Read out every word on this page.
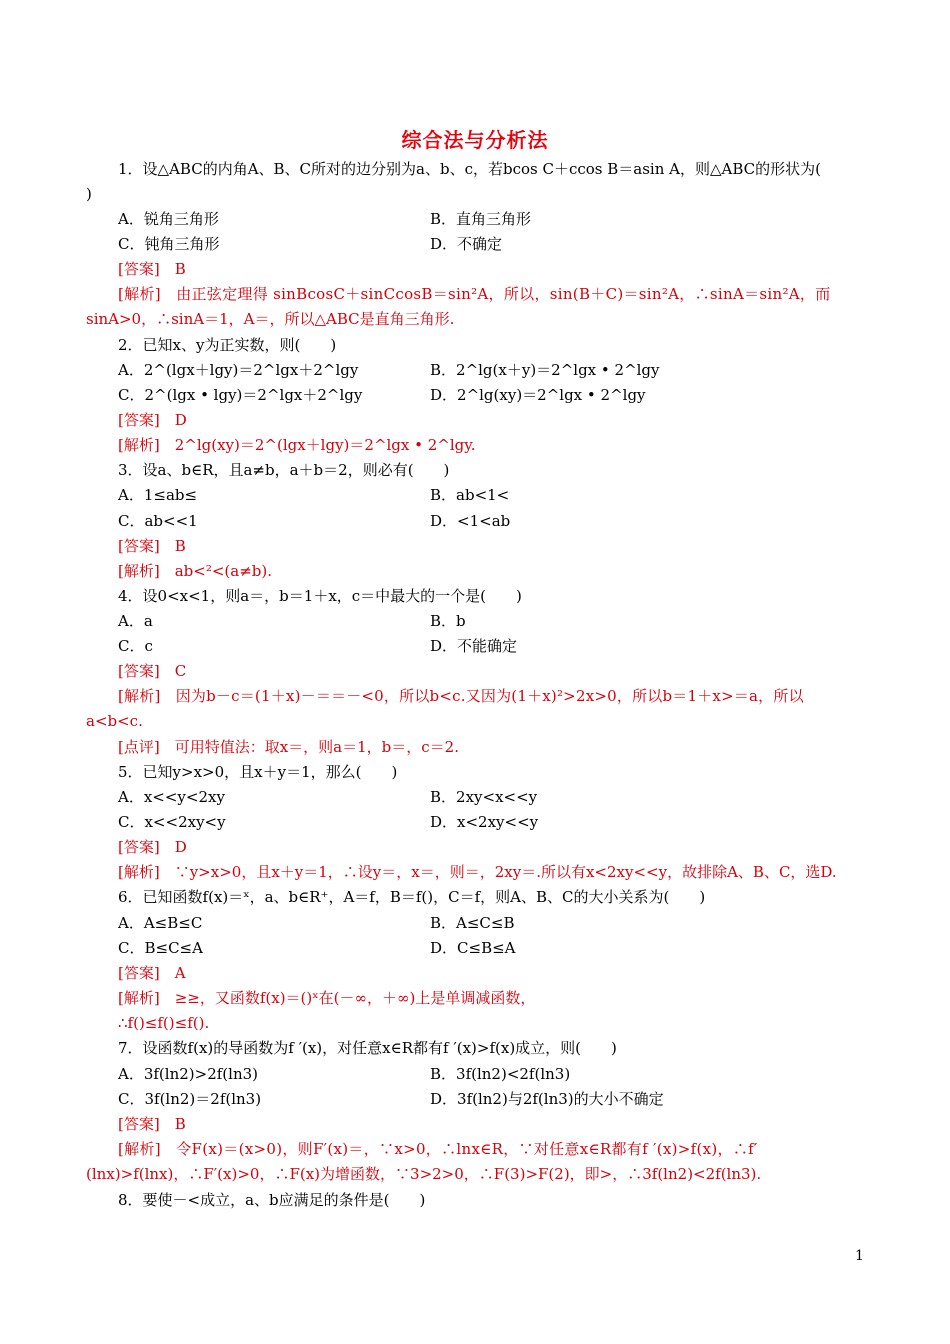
综合法与分析法
1．设△ABC的内角A、B、C所对的边分别为a、b、c，若bcos C＋ccos B＝asin A，则△ABC的形状为(
)
A．锐角三角形	B．直角三角形
C．钝角三角形	D．不确定
[答案]　B
[解析]　由正弦定理得 sinBcosC＋sinCcosB＝sin²A，所以，sin(B＋C)＝sin²A，∴sinA＝sin²A，而
sinA>0，∴sinA＝1，A＝，所以△ABC是直角三角形.
2．已知x、y为正实数，则(　　)
A．2^(lgx＋lgy)＝2^lgx＋2^lgy	B．2^lg(x＋y)＝2^lgx • 2^lgy
C．2^(lgx • lgy)＝2^lgx＋2^lgy	D．2^lg(xy)＝2^lgx • 2^lgy
[答案]　D
[解析]　2^lg(xy)＝2^(lgx＋lgy)＝2^lgx • 2^lgy.
3．设a、b∈R，且a≠b，a＋b＝2，则必有(　　)
A．1≤ab≤	B．ab<1<
C．ab<<1	D．<1<ab
[答案]　B
[解析]　ab<²<(a≠b).
4．设0<x<1，则a＝，b＝1＋x，c＝中最大的一个是(　　)
A．a	B．b
C．c	D．不能确定
[答案]　C
[解析]　因为b－c＝(1＋x)－＝＝－<0，所以b<c.又因为(1＋x)²>2x>0，所以b＝1＋x>＝a，所以
a<b<c.
[点评]　可用特值法：取x＝，则a＝1，b＝，c＝2.
5．已知y>x>0，且x＋y＝1，那么(　　)
A．x<<y<2xy	B．2xy<x<<y
C．x<<2xy<y	D．x<2xy<<y
[答案]　D
[解析]　∵y>x>0，且x＋y＝1，∴设y＝，x＝，则＝，2xy＝.所以有x<2xy<<y，故排除A、B、C，选D.
6．已知函数f(x)＝ˣ，a、b∈R⁺，A＝f，B＝f()，C＝f，则A、B、C的大小关系为(　　)
A．A≤B≤C	B．A≤C≤B
C．B≤C≤A	D．C≤B≤A
[答案]　A
[解析]　≥≥，又函数f(x)＝()ˣ在(－∞，＋∞)上是单调减函数，
∴f()≤f()≤f().
7．设函数f(x)的导函数为f ′(x)，对任意x∈R都有f ′(x)>f(x)成立，则(　　)
A．3f(ln2)>2f(ln3)	B．3f(ln2)<2f(ln3)
C．3f(ln2)＝2f(ln3)	D．3f(ln2)与2f(ln3)的大小不确定
[答案]　B
[解析]　令F(x)＝(x>0)，则F′(x)＝，∵x>0，∴lnx∈R，∵对任意x∈R都有f ′(x)>f(x)，∴f′
(lnx)>f(lnx)，∴F′(x)>0，∴F(x)为增函数，∵3>2>0，∴F(3)>F(2)，即>，∴3f(ln2)<2f(ln3).
8．要使－<成立，a、b应满足的条件是(　　)
1
